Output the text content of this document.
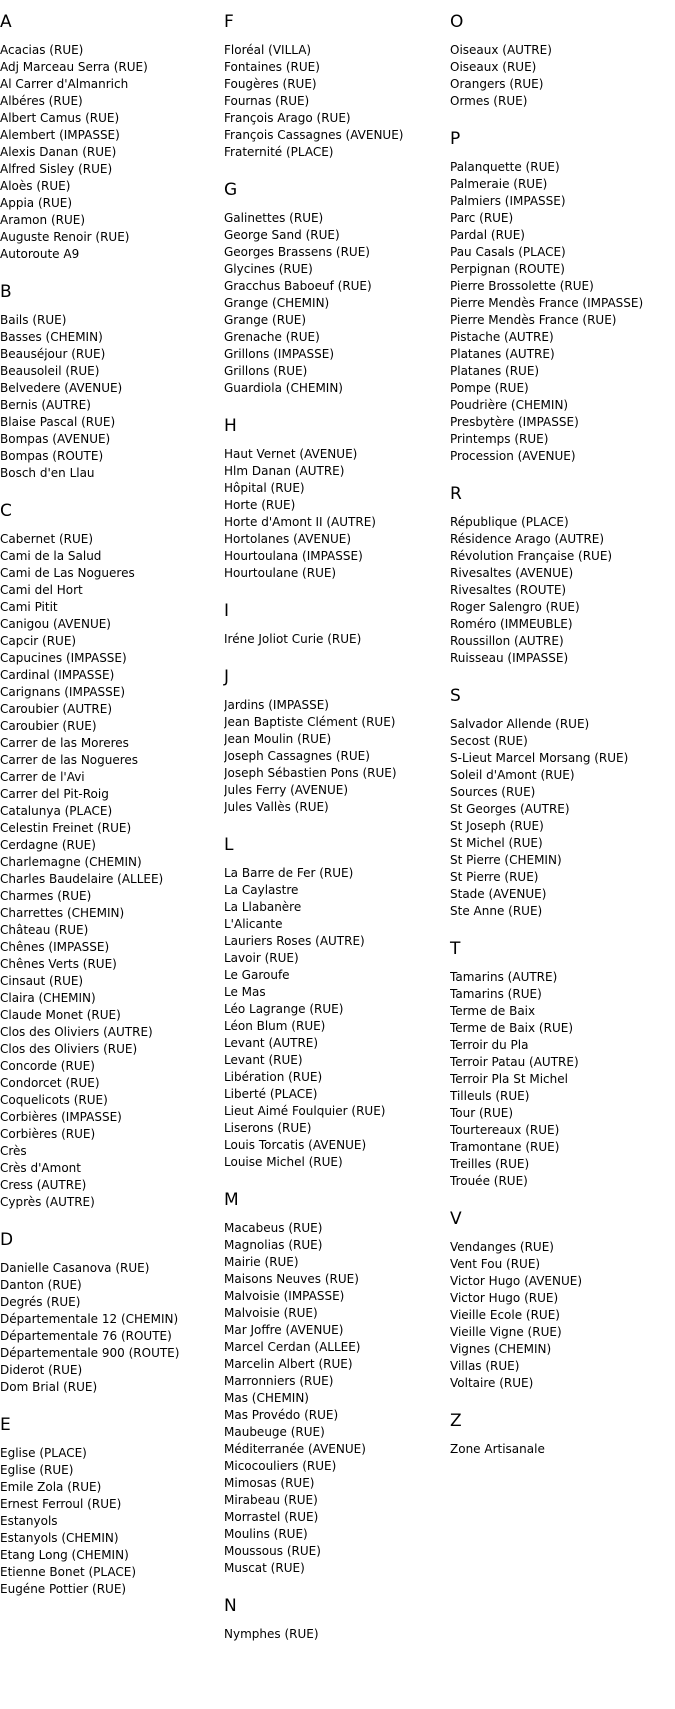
A
Acacias (RUE)
Adj Marceau Serra (RUE)
Al Carrer d'Almanrich
Albéres (RUE)
Albert Camus (RUE)
Alembert (IMPASSE)
Alexis Danan (RUE)
Alfred Sisley (RUE)
Aloès (RUE)
Appia (RUE)
Aramon (RUE)
Auguste Renoir (RUE)
Autoroute A9
B
Bails (RUE)
Basses (CHEMIN)
Beauséjour (RUE)
Beausoleil (RUE)
Belvedere (AVENUE)
Bernis (AUTRE)
Blaise Pascal (RUE)
Bompas (AVENUE)
Bompas (ROUTE)
Bosch d'en Llau
C
Cabernet (RUE)
Cami de la Salud
Cami de Las Nogueres
Cami del Hort
Cami Pitit
Canigou (AVENUE)
Capcir (RUE)
Capucines (IMPASSE)
Cardinal (IMPASSE)
Carignans (IMPASSE)
Caroubier (AUTRE)
Caroubier (RUE)
Carrer de las Moreres
Carrer de las Nogueres
Carrer de l'Avi
Carrer del Pit-Roig
Catalunya (PLACE)
Celestin Freinet (RUE)
Cerdagne (RUE)
Charlemagne (CHEMIN)
Charles Baudelaire (ALLEE)
Charmes (RUE)
Charrettes (CHEMIN)
Château (RUE)
Chênes (IMPASSE)
Chênes Verts (RUE)
Cinsaut (RUE)
Claira (CHEMIN)
Claude Monet (RUE)
Clos des Oliviers (AUTRE)
Clos des Oliviers (RUE)
Concorde (RUE)
Condorcet (RUE)
Coquelicots (RUE)
Corbières (IMPASSE)
Corbières (RUE)
Crès
Crès d'Amont
Cress (AUTRE)
Cyprès (AUTRE)
D
Danielle Casanova (RUE)
Danton (RUE)
Degrés (RUE)
Départementale 12 (CHEMIN)
Départementale 76 (ROUTE)
Départementale 900 (ROUTE)
Diderot (RUE)
Dom Brial (RUE)
E
Eglise (PLACE)
Eglise (RUE)
Emile Zola (RUE)
Ernest Ferroul (RUE)
Estanyols
Estanyols (CHEMIN)
Etang Long (CHEMIN)
Etienne Bonet (PLACE)
Eugéne Pottier (RUE)
F
Floréal (VILLA)
Fontaines (RUE)
Fougères (RUE)
Fournas (RUE)
François Arago (RUE)
François Cassagnes (AVENUE)
Fraternité (PLACE)
G
Galinettes (RUE)
George Sand (RUE)
Georges Brassens (RUE)
Glycines (RUE)
Gracchus Baboeuf (RUE)
Grange (CHEMIN)
Grange (RUE)
Grenache (RUE)
Grillons (IMPASSE)
Grillons (RUE)
Guardiola (CHEMIN)
H
Haut Vernet (AVENUE)
Hlm Danan (AUTRE)
Hôpital (RUE)
Horte (RUE)
Horte d'Amont II (AUTRE)
Hortolanes (AVENUE)
Hourtoulana (IMPASSE)
Hourtoulane (RUE)
I
Iréne Joliot Curie (RUE)
J
Jardins (IMPASSE)
Jean Baptiste Clément (RUE)
Jean Moulin (RUE)
Joseph Cassagnes (RUE)
Joseph Sébastien Pons (RUE)
Jules Ferry (AVENUE)
Jules Vallès (RUE)
L
La Barre de Fer (RUE)
La Caylastre
La Llabanère
L'Alicante
Lauriers Roses (AUTRE)
Lavoir (RUE)
Le Garoufe
Le Mas
Léo Lagrange (RUE)
Léon Blum (RUE)
Levant (AUTRE)
Levant (RUE)
Libération (RUE)
Liberté (PLACE)
Lieut Aimé Foulquier (RUE)
Liserons (RUE)
Louis Torcatis (AVENUE)
Louise Michel (RUE)
M
Macabeus (RUE)
Magnolias (RUE)
Mairie (RUE)
Maisons Neuves (RUE)
Malvoisie (IMPASSE)
Malvoisie (RUE)
Mar Joffre (AVENUE)
Marcel Cerdan (ALLEE)
Marcelin Albert (RUE)
Marronniers (RUE)
Mas (CHEMIN)
Mas Provédo (RUE)
Maubeuge (RUE)
Méditerranée (AVENUE)
Micocouliers (RUE)
Mimosas (RUE)
Mirabeau (RUE)
Morrastel (RUE)
Moulins (RUE)
Moussous (RUE)
Muscat (RUE)
N
Nymphes (RUE)
O
Oiseaux (AUTRE)
Oiseaux (RUE)
Orangers (RUE)
Ormes (RUE)
P
Palanquette (RUE)
Palmeraie (RUE)
Palmiers (IMPASSE)
Parc (RUE)
Pardal (RUE)
Pau Casals (PLACE)
Perpignan (ROUTE)
Pierre Brossolette (RUE)
Pierre Mendès France (IMPASSE)
Pierre Mendès France (RUE)
Pistache (AUTRE)
Platanes (AUTRE)
Platanes (RUE)
Pompe (RUE)
Poudrière (CHEMIN)
Presbytère (IMPASSE)
Printemps (RUE)
Procession (AVENUE)
R
République (PLACE)
Résidence Arago (AUTRE)
Révolution Française (RUE)
Rivesaltes (AVENUE)
Rivesaltes (ROUTE)
Roger Salengro (RUE)
Roméro (IMMEUBLE)
Roussillon (AUTRE)
Ruisseau (IMPASSE)
S
Salvador Allende (RUE)
Secost (RUE)
S-Lieut Marcel Morsang (RUE)
Soleil d'Amont (RUE)
Sources (RUE)
St Georges (AUTRE)
St Joseph (RUE)
St Michel (RUE)
St Pierre (CHEMIN)
St Pierre (RUE)
Stade (AVENUE)
Ste Anne (RUE)
T
Tamarins (AUTRE)
Tamarins (RUE)
Terme de Baix
Terme de Baix (RUE)
Terroir du Pla
Terroir Patau (AUTRE)
Terroir Pla St Michel
Tilleuls (RUE)
Tour (RUE)
Tourtereaux (RUE)
Tramontane (RUE)
Treilles (RUE)
Trouée (RUE)
V
Vendanges (RUE)
Vent Fou (RUE)
Victor Hugo (AVENUE)
Victor Hugo (RUE)
Vieille Ecole (RUE)
Vieille Vigne (RUE)
Vignes (CHEMIN)
Villas (RUE)
Voltaire (RUE)
Z
Zone Artisanale
